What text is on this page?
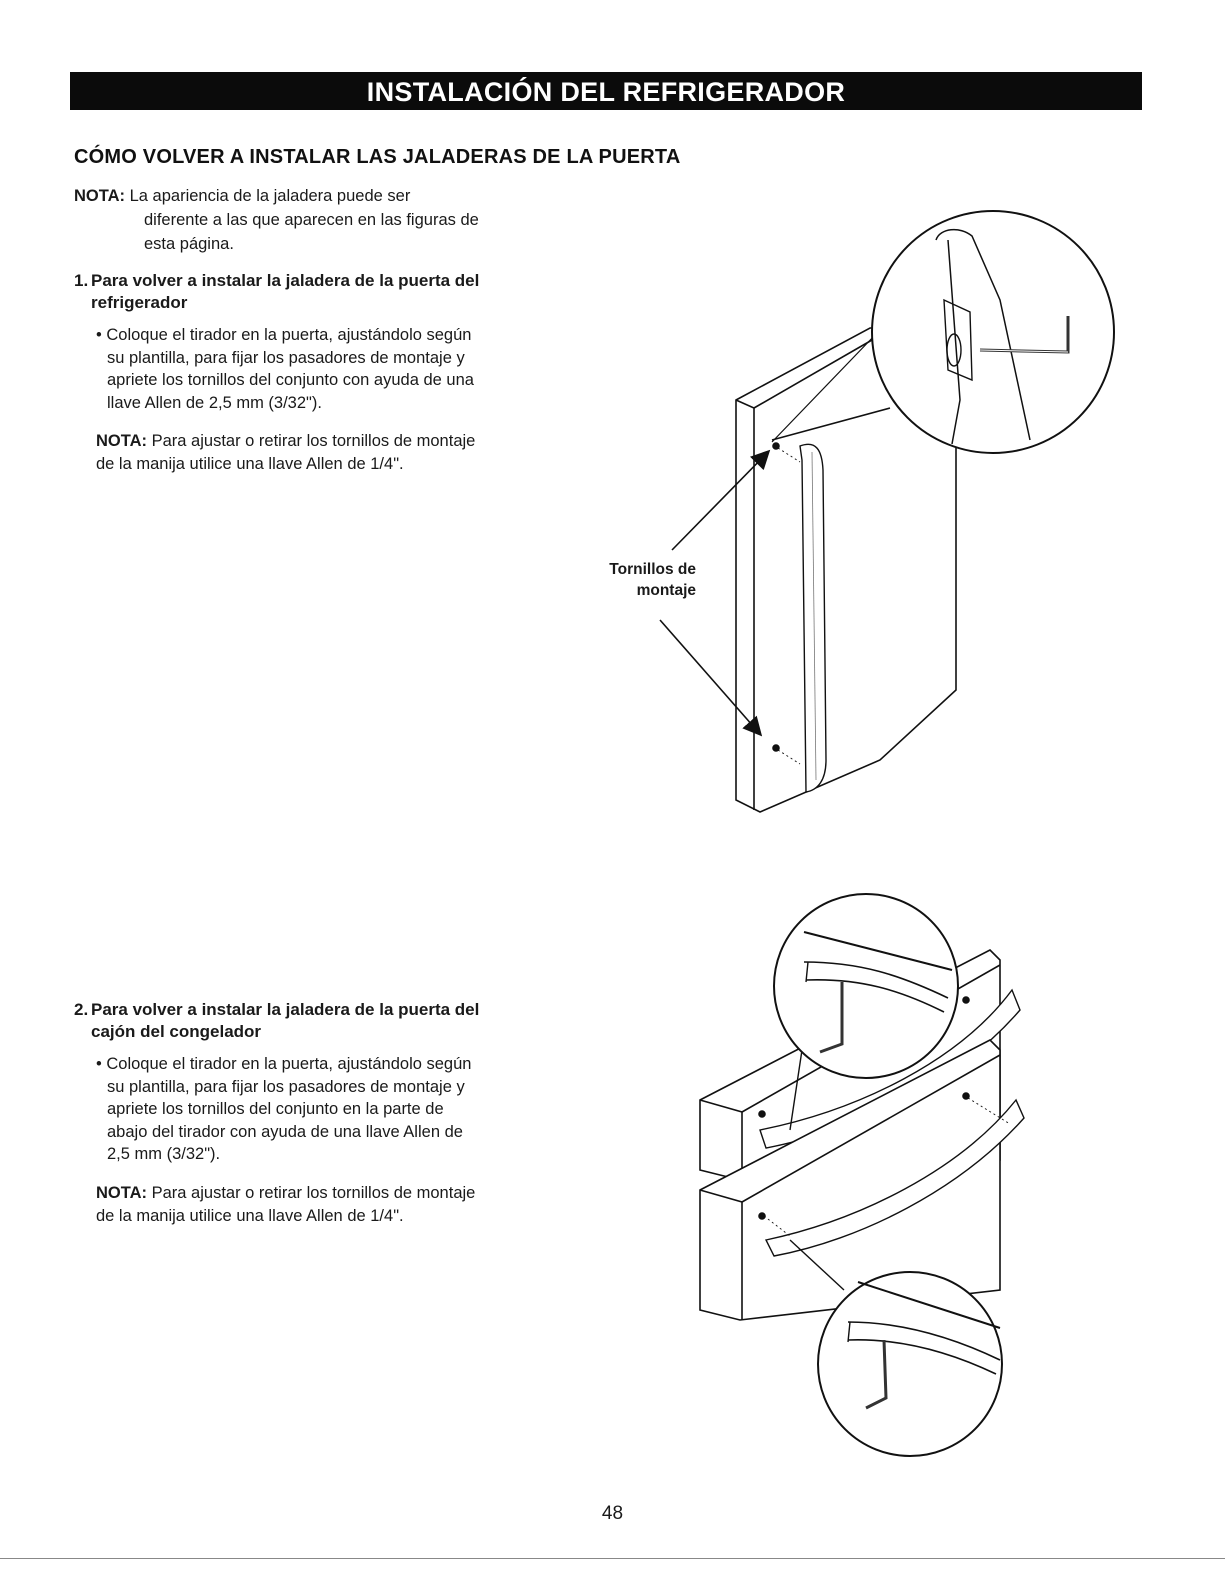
INSTALACIÓN DEL REFRIGERADOR
CÓMO VOLVER A INSTALAR LAS JALADERAS DE LA PUERTA
NOTA: La apariencia de la jaladera puede ser
diferente a las que aparecen en las figuras de
esta página.
1. Para volver a instalar la jaladera de la puerta del
refrigerador
• Coloque el tirador en la puerta, ajustándolo según
su plantilla, para fijar los pasadores de montaje y
apriete los tornillos del conjunto con ayuda de una
llave Allen de 2,5 mm (3/32").
NOTA: Para ajustar o retirar los tornillos de montaje
de la manija utilice una llave Allen de 1/4".
2. Para volver a instalar la jaladera de la puerta del
cajón del congelador
• Coloque el tirador en la puerta, ajustándolo según
su plantilla, para fijar los pasadores de montaje y
apriete los tornillos del conjunto en la parte de
abajo del tirador con ayuda de una llave Allen de
2,5 mm (3/32").
NOTA: Para ajustar o retirar los tornillos de montaje
de la manija utilice una llave Allen de 1/4".
Tornillos de
montaje
48
